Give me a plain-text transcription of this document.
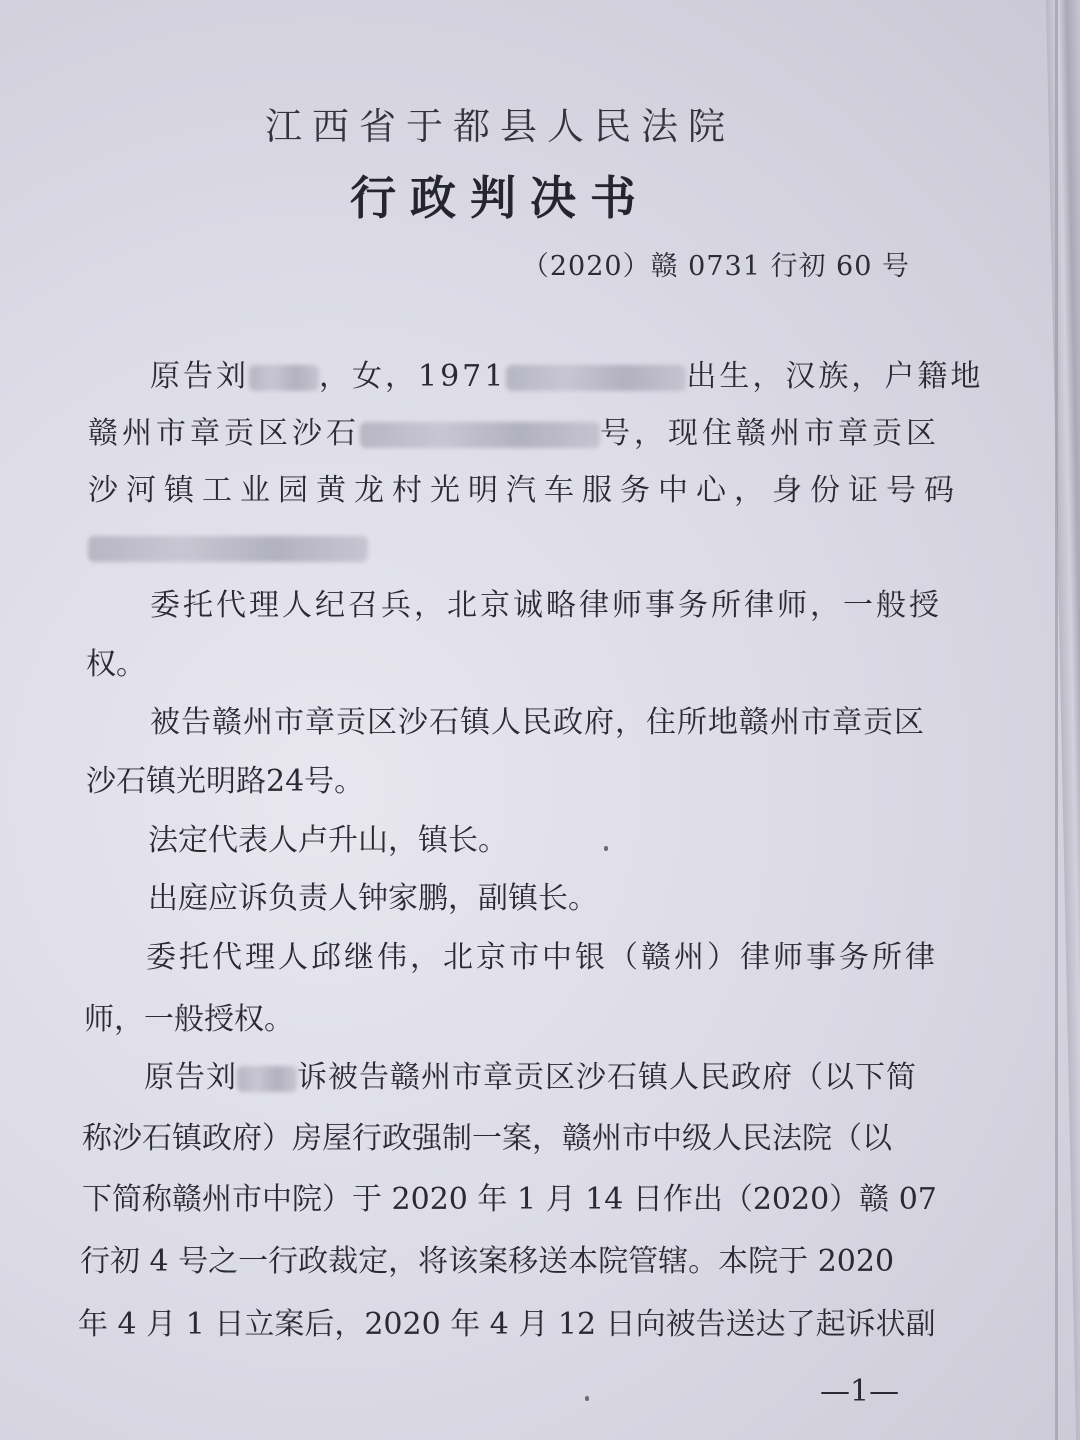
江西省于都县人民法院
行政判决书
（2020）赣 0731 行初 60 号
原告刘 ，女，1971	出生，汉族，户籍地
赣州市章贡区沙石	号，现住赣州市章贡区
沙河镇工业园黄龙村光明汽车服务中心，身份证号码
委托代理人纪召兵，北京诚略律师事务所律师，一般授
权。
被告赣州市章贡区沙石镇人民政府，住所地赣州市章贡区
沙石镇光明路24号。
法定代表人卢升山，镇长。
出庭应诉负责人钟家鹏，副镇长。
委托代理人邱继伟，北京市中银（赣州）律师事务所律
师，一般授权。
原告刘 诉被告赣州市章贡区沙石镇人民政府（以下简
称沙石镇政府）房屋行政强制一案，赣州市中级人民法院（以
下简称赣州市中院）于 2020 年 1 月 14 日作出（2020）赣 07
行初 4 号之一行政裁定，将该案移送本院管辖。本院于 2020
年 4 月 1 日立案后，2020 年 4 月 12 日向被告送达了起诉状副
—1—
